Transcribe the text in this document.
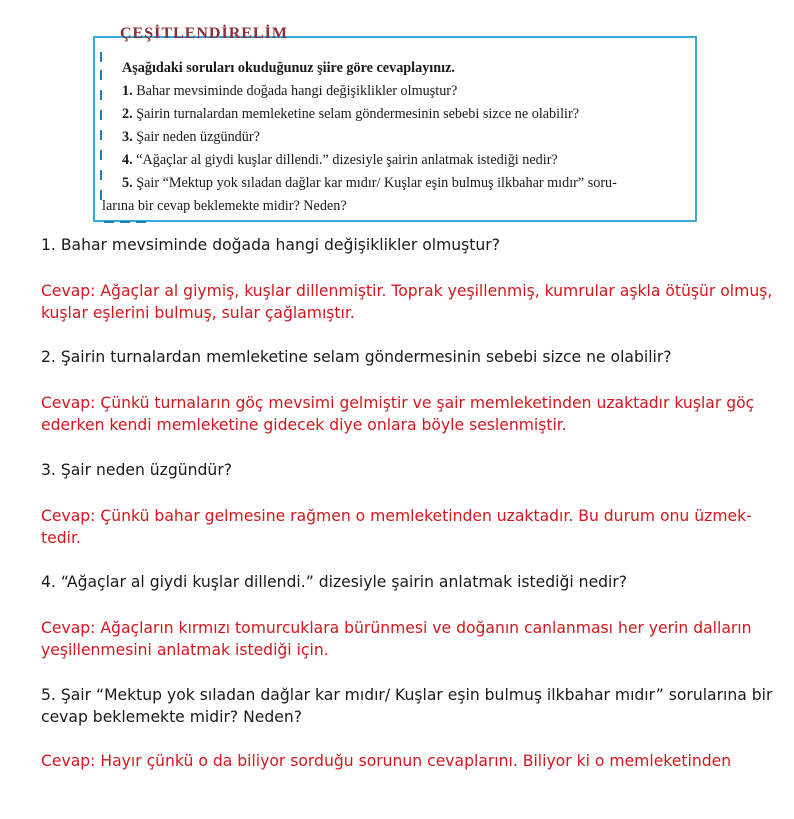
ÇEŞİTLENDİRELİM
Aşağıdaki soruları okuduğunuz şiire göre cevaplayınız.
1. Bahar mevsiminde doğada hangi değişiklikler olmuştur?
2. Şairin turnalardan memleketine selam göndermesinin sebebi sizce ne olabilir?
3. Şair neden üzgündür?
4. “Ağaçlar al giydi kuşlar dillendi.” dizesiyle şairin anlatmak istediği nedir?
5. Şair “Mektup yok sıladan dağlar kar mıdır/ Kuşlar eşin bulmuş ilkbahar mıdır” soru-
larına bir cevap beklemekte midir? Neden?

1. Bahar mevsiminde doğada hangi değişiklikler olmuştur?

Cevap: Ağaçlar al giymiş, kuşlar dillenmiştir. Toprak yeşillenmiş, kumrular aşkla ötüşür olmuş,

kuşlar eşlerini bulmuş, sular çağlamıştır.

2. Şairin turnalardan memleketine selam göndermesinin sebebi sizce ne olabilir?

Cevap: Çünkü turnaların göç mevsimi gelmiştir ve şair memleketinden uzaktadır kuşlar göç

ederken kendi memleketine gidecek diye onlara böyle seslenmiştir.

3. Şair neden üzgündür?

Cevap: Çünkü bahar gelmesine rağmen o memleketinden uzaktadır. Bu durum onu üzmek-

tedir.

4. “Ağaçlar al giydi kuşlar dillendi.” dizesiyle şairin anlatmak istediği nedir?

Cevap: Ağaçların kırmızı tomurcuklara bürünmesi ve doğanın canlanması her yerin dalların

yeşillenmesini anlatmak istediği için.

5. Şair “Mektup yok sıladan dağlar kar mıdır/ Kuşlar eşin bulmuş ilkbahar mıdır” sorularına bir

cevap beklemekte midir? Neden?

Cevap: Hayır çünkü o da biliyor sorduğu sorunun cevaplarını. Biliyor ki o memleketinden
